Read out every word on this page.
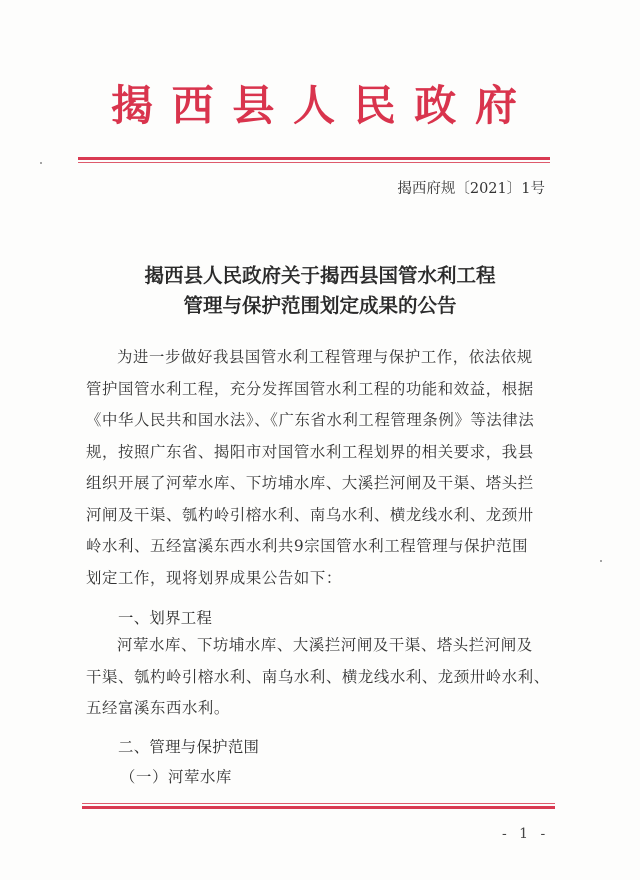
揭 西 县 人 民 政 府
揭西府规〔2021〕1号
揭西县人民政府关于揭西县国管水利工程
管理与保护范围划定成果的公告

为进一步做好我县国管水利工程管理与保护工作，依法依规

管护国管水利工程，充分发挥国管水利工程的功能和效益，根据

《中华人民共和国水法》、《广东省水利工程管理条例》等法律法

规，按照广东省、揭阳市对国管水利工程划界的相关要求，我县

组织开展了河荤水库、下坊埔水库、大溪拦河闸及干渠、塔头拦

河闸及干渠、瓠杓岭引榕水利、南乌水利、横龙线水利、龙颈卅

岭水利、五经富溪东西水利共9宗国管水利工程管理与保护范围

划定工作，现将划界成果公告如下：

一、划界工程

河荤水库、下坊埔水库、大溪拦河闸及干渠、塔头拦河闸及

干渠、瓠杓岭引榕水利、南乌水利、横龙线水利、龙颈卅岭水利、

五经富溪东西水利。

二、管理与保护范围
（一）河荤水库
- 1 -
